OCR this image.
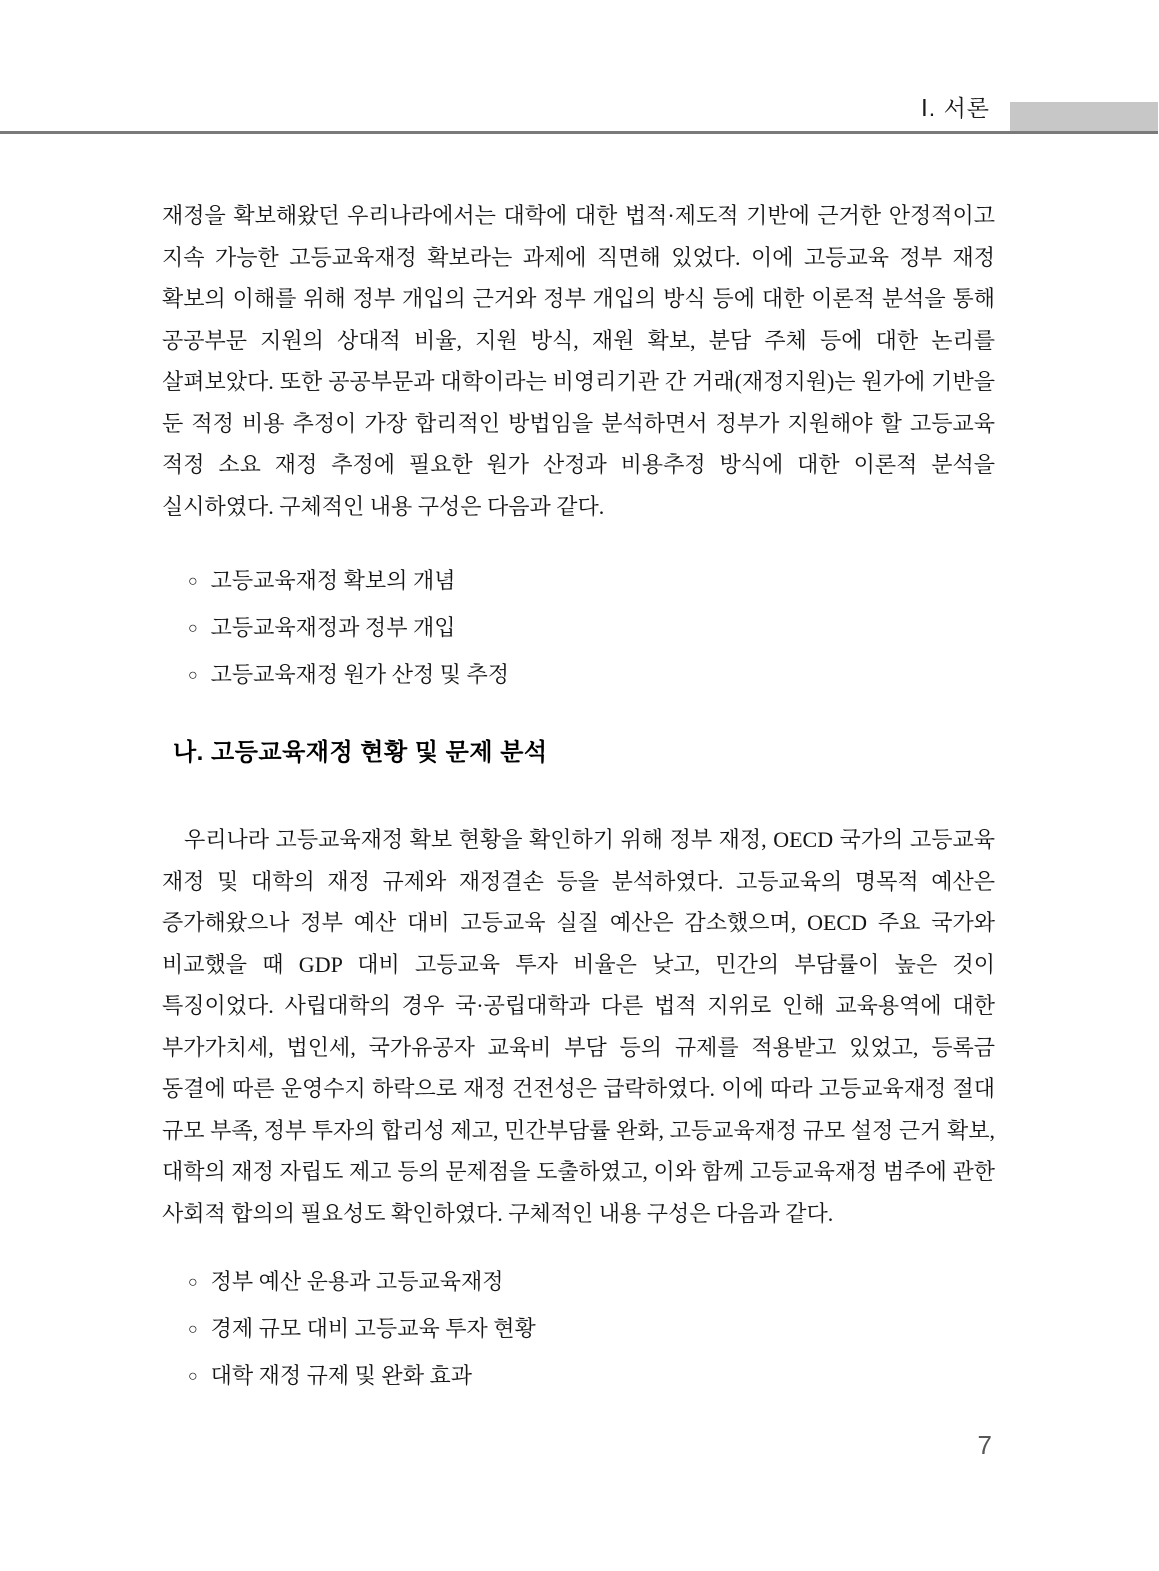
Ⅰ. 서론

재정을 확보해왔던 우리나라에서는 대학에 대한 법적·제도적 기반에 근거한 안정적이고 지속 가능한 고등교육재정 확보라는 과제에 직면해 있었다. 이에 고등교육 정부 재정 확보의 이해를 위해 정부 개입의 근거와 정부 개입의 방식 등에 대한 이론적 분석을 통해 공공부문 지원의 상대적 비율, 지원 방식, 재원 확보, 분담 주체 등에 대한 논리를 살펴보았다. 또한 공공부문과 대학이라는 비영리기관 간 거래(재정지원)는 원가에 기반을 둔 적정 비용 추정이 가장 합리적인 방법임을 분석하면서 정부가 지원해야 할 고등교육 적정 소요 재정 추정에 필요한 원가 산정과 비용추정 방식에 대한 이론적 분석을 실시하였다. 구체적인 내용 구성은 다음과 같다.

○ 고등교육재정 확보의 개념
○ 고등교육재정과 정부 개입
○ 고등교육재정 원가 산정 및 추정
나. 고등교육재정 현황 및 문제 분석

우리나라 고등교육재정 확보 현황을 확인하기 위해 정부 재정, OECD 국가의 고등교육 재정 및 대학의 재정 규제와 재정결손 등을 분석하였다. 고등교육의 명목적 예산은 증가해왔으나 정부 예산 대비 고등교육 실질 예산은 감소했으며, OECD 주요 국가와 비교했을 때 GDP 대비 고등교육 투자 비율은 낮고, 민간의 부담률이 높은 것이 특징이었다. 사립대학의 경우 국·공립대학과 다른 법적 지위로 인해 교육용역에 대한 부가가치세, 법인세, 국가유공자 교육비 부담 등의 규제를 적용받고 있었고, 등록금 동결에 따른 운영수지 하락으로 재정 건전성은 급락하였다. 이에 따라 고등교육재정 절대 규모 부족, 정부 투자의 합리성 제고, 민간부담률 완화, 고등교육재정 규모 설정 근거 확보, 대학의 재정 자립도 제고 등의 문제점을 도출하였고, 이와 함께 고등교육재정 범주에 관한 사회적 합의의 필요성도 확인하였다. 구체적인 내용 구성은 다음과 같다.

○ 정부 예산 운용과 고등교육재정
○ 경제 규모 대비 고등교육 투자 현황
○ 대학 재정 규제 및 완화 효과
7
